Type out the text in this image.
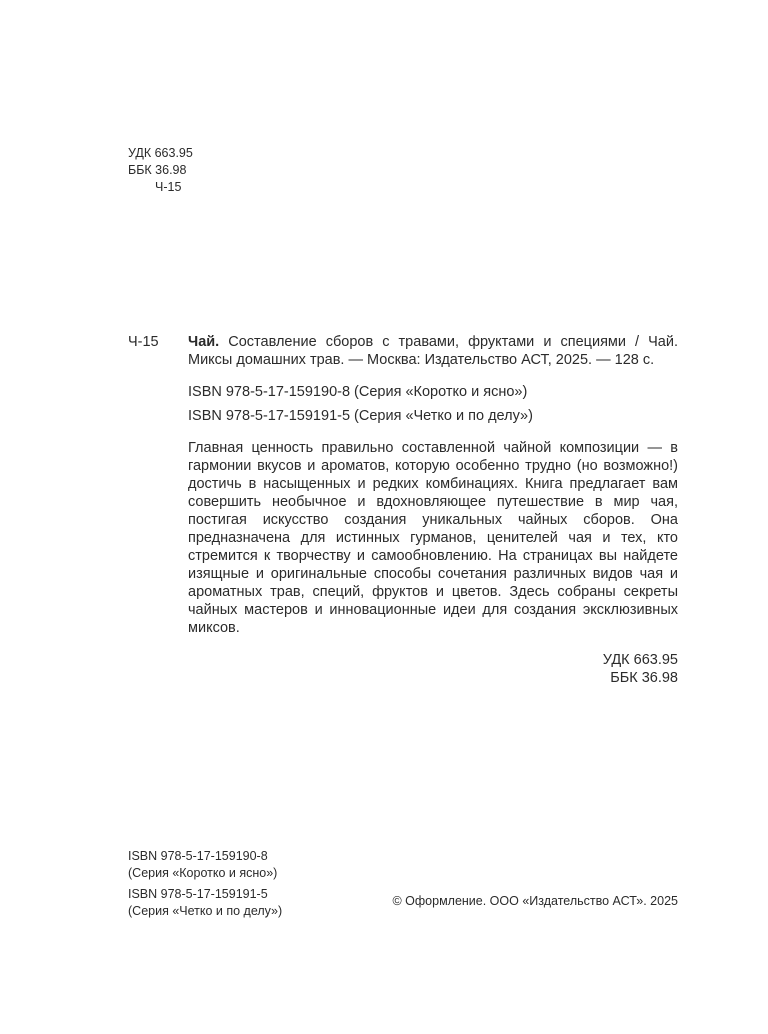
УДК 663.95
ББК 36.98
Ч-15
Ч-15 Чай. Составление сборов с травами, фруктами и специями / Чай. Миксы домашних трав. — Москва: Издательство АСТ, 2025. — 128 с.

ISBN 978-5-17-159190-8 (Серия «Коротко и ясно»)
ISBN 978-5-17-159191-5 (Серия «Четко и по делу»)

Главная ценность правильно составленной чайной композиции — в гармонии вкусов и ароматов, которую особенно трудно (но возможно!) достичь в насыщенных и редких комбинациях. Книга предлагает вам совершить необычное и вдохновляющее путешествие в мир чая, постигая искусство создания уникальных чайных сборов. Она предназначена для истинных гурманов, ценителей чая и тех, кто стремится к творчеству и самообновлению. На страницах вы найдете изящные и оригинальные способы сочетания различных видов чая и ароматных трав, специй, фруктов и цветов. Здесь собраны секреты чайных мастеров и инновационные идеи для создания эксклюзивных миксов.

УДК 663.95
ББК 36.98
ISBN 978-5-17-159190-8
(Серия «Коротко и ясно»)
ISBN 978-5-17-159191-5
(Серия «Четко и по делу»)
© Оформление. ООО «Издательство АСТ». 2025
